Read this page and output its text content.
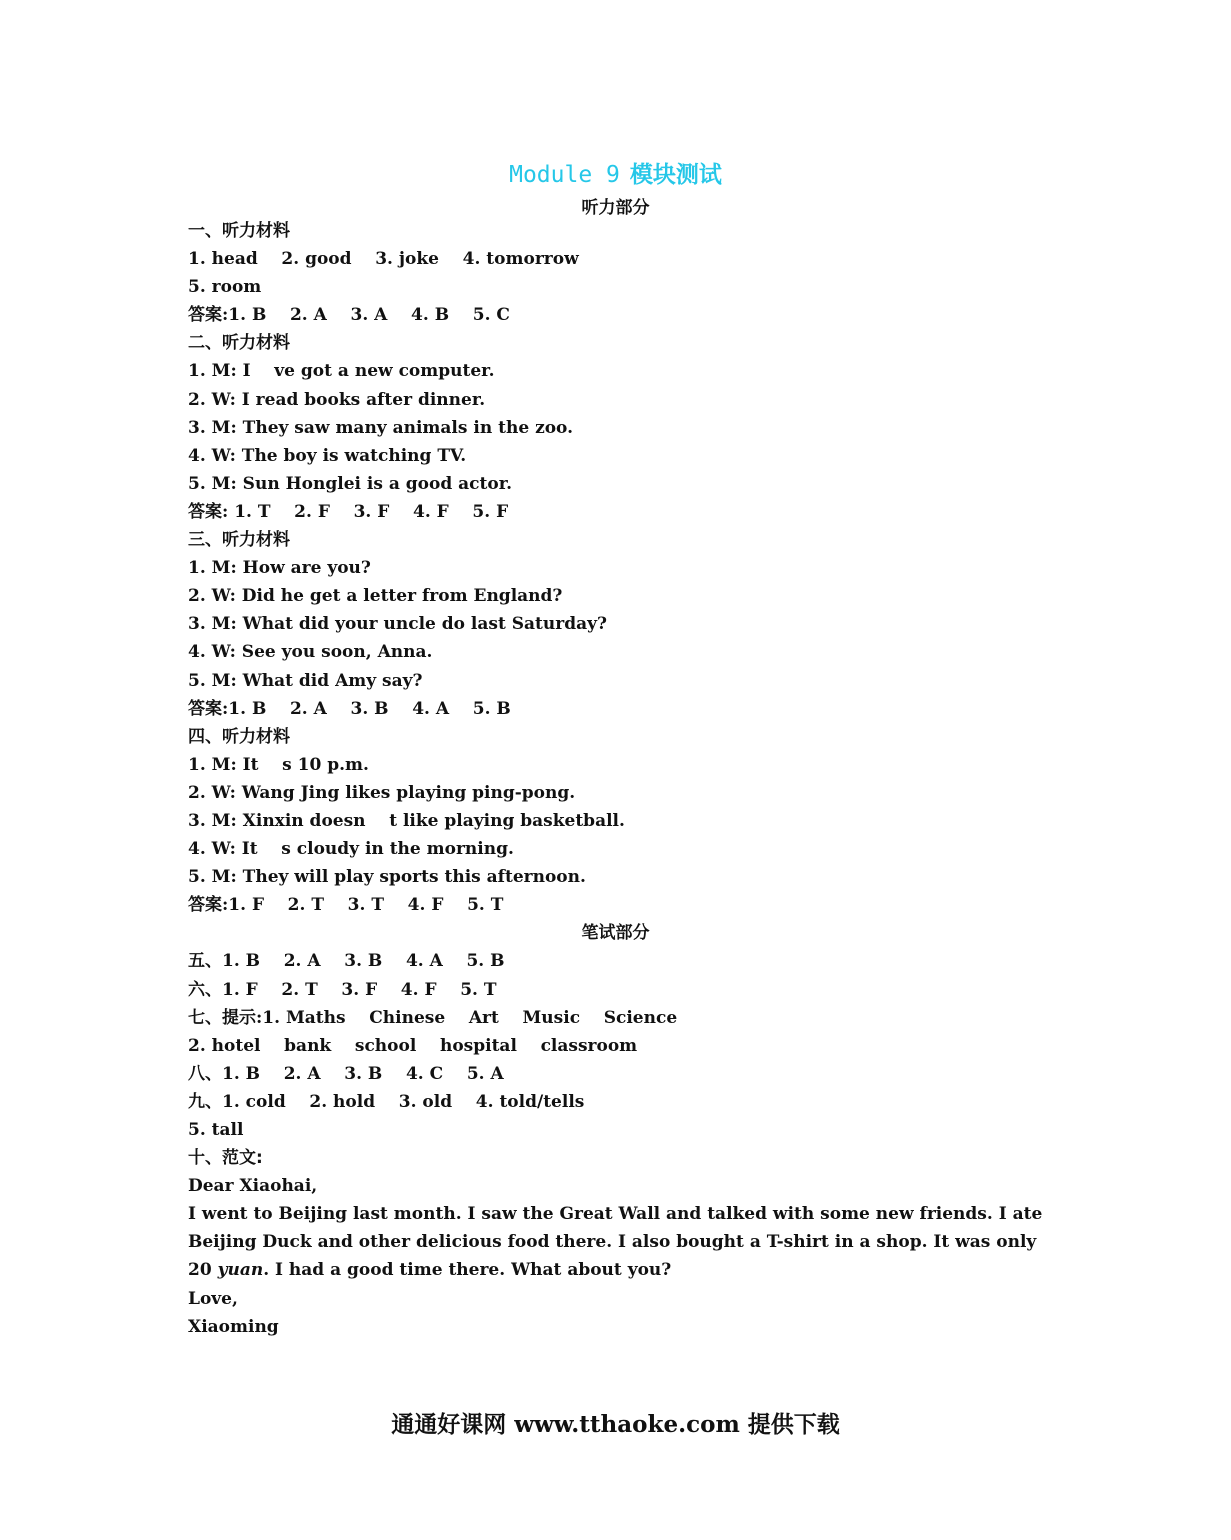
Module 9 模块测试
听力部分
一、听力材料
1. head    2. good    3. joke    4. tomorrow
5. room
答案:1. B    2. A    3. A    4. B    5. C
二、听力材料
1. M: I    ve got a new computer.
2. W: I read books after dinner.
3. M: They saw many animals in the zoo.
4. W: The boy is watching TV.
5. M: Sun Honglei is a good actor.
答案: 1. T    2. F    3. F    4. F    5. F
三、听力材料
1. M: How are you?
2. W: Did he get a letter from England?
3. M: What did your uncle do last Saturday?
4. W: See you soon, Anna.
5. M: What did Amy say?
答案:1. B    2. A    3. B    4. A    5. B
四、听力材料
1. M: It    s 10 p.m.
2. W: Wang Jing likes playing ping-pong.
3. M: Xinxin doesn    t like playing basketball.
4. W: It    s cloudy in the morning.
5. M: They will play sports this afternoon.
答案:1. F    2. T    3. T    4. F    5. T
笔试部分
五、1. B    2. A    3. B    4. A    5. B
六、1. F    2. T    3. F    4. F    5. T
七、提示:1. Maths    Chinese    Art    Music    Science
2. hotel    bank    school    hospital    classroom
八、1. B    2. A    3. B    4. C    5. A
九、1. cold    2. hold    3. old    4. told/tells
5. tall
十、范文:
Dear Xiaohai,
I went to Beijing last month. I saw the Great Wall and talked with some new friends. I ate Beijing Duck and other delicious food there. I also bought a T-shirt in a shop. It was only 20 yuan. I had a good time there. What about you?
Love,
Xiaoming
通通好课网 www.tthaoke.com 提供下载
